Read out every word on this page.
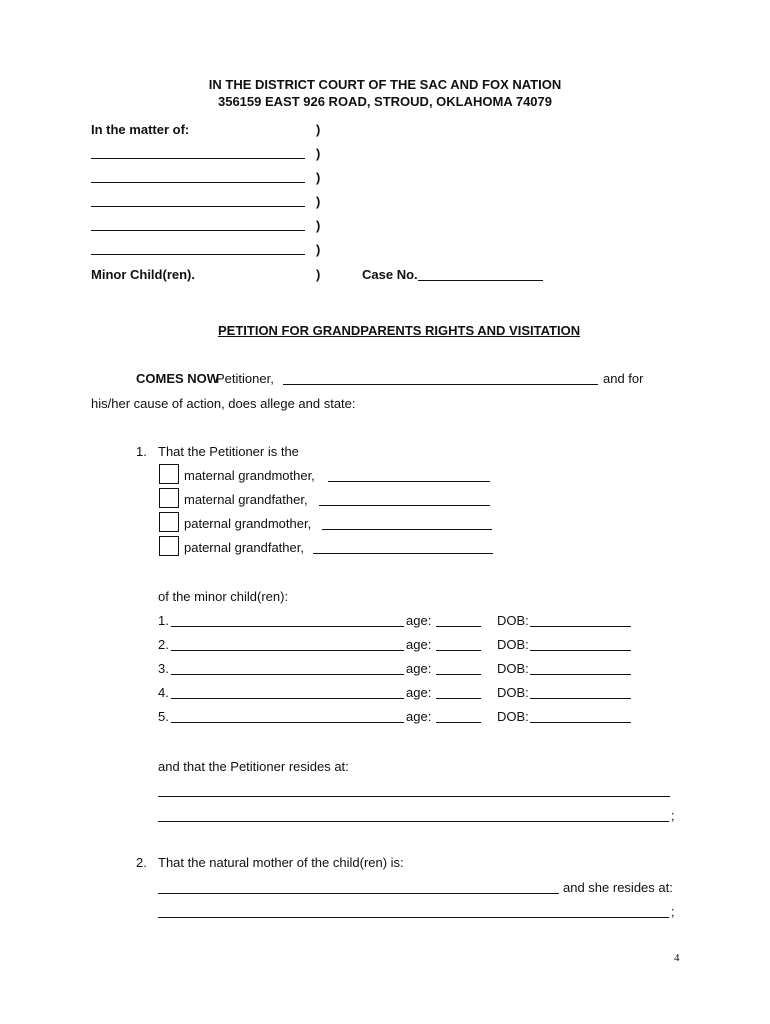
IN THE DISTRICT COURT OF THE SAC AND FOX NATION
356159 EAST 926 ROAD, STROUD, OKLAHOMA 74079
In the matter of:	)
)
)
)
)
)
Minor Child(ren).	)	Case No.
PETITION FOR GRANDPARENTS RIGHTS AND VISITATION
COMES NOW
Petitioner,	and for
his/her cause of action, does allege and state:
1. That the Petitioner is the
maternal grandmother,
maternal grandfather,
paternal grandmother,
paternal grandfather,
of the minor child(ren):
1.	age:	DOB:
2.	age:	DOB:
3.	age:	DOB:
4.	age:	DOB:
5.	age:	DOB:
and that the Petitioner resides at:
;
2. That the natural mother of the child(ren) is:
and she resides at:
;
4
